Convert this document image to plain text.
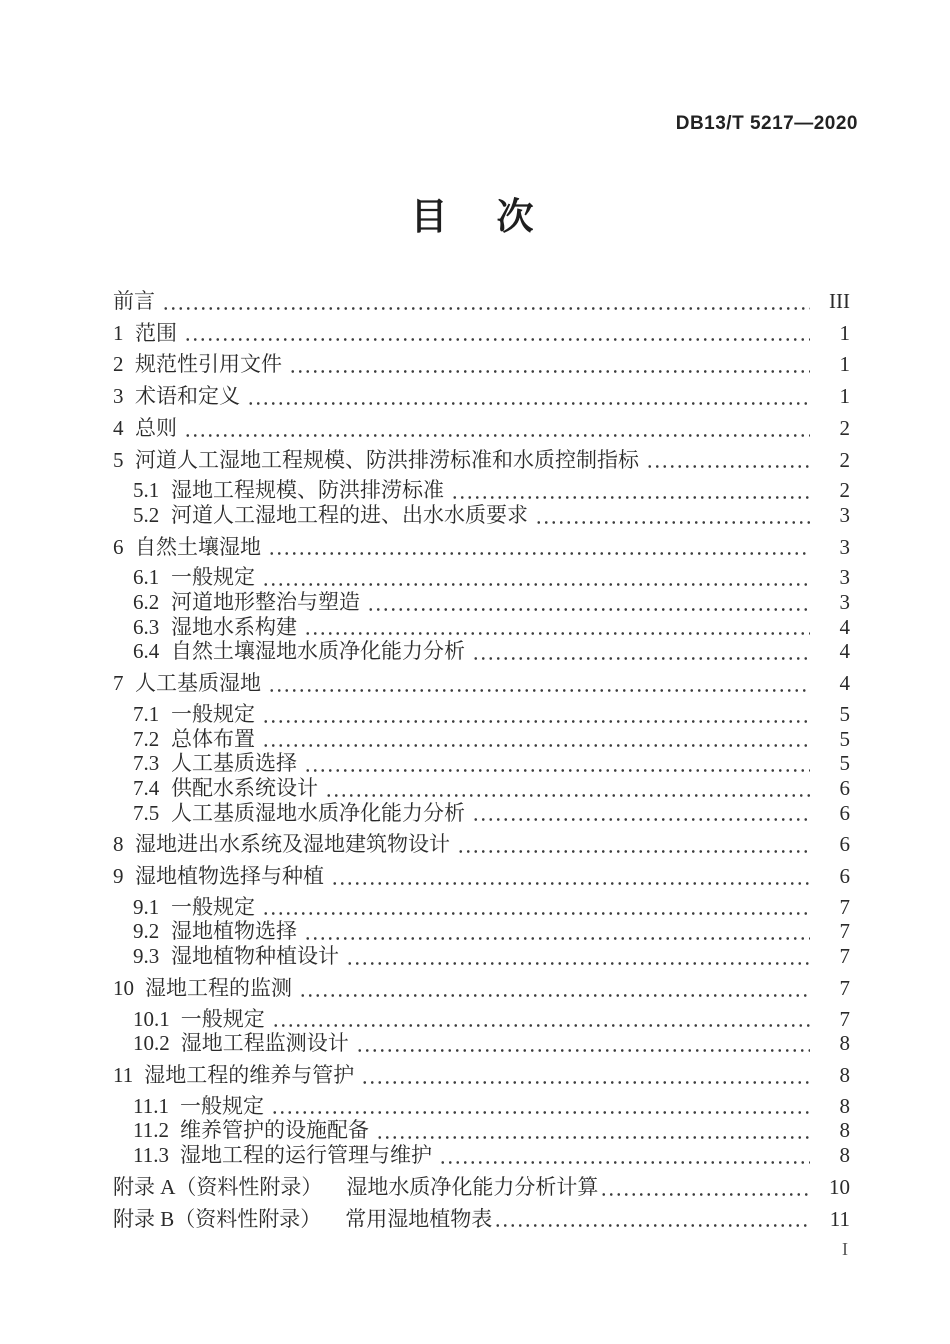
DB13/T 5217—2020
目　次
前言	III
1 范围	1
2 规范性引用文件	1
3 术语和定义	1
4 总则	2
5 河道人工湿地工程规模、防洪排涝标准和水质控制指标	2
5.1 湿地工程规模、防洪排涝标准	2
5.2 河道人工湿地工程的进、出水水质要求	3
6 自然土壤湿地	3
6.1 一般规定	3
6.2 河道地形整治与塑造	3
6.3 湿地水系构建	4
6.4 自然土壤湿地水质净化能力分析	4
7 人工基质湿地	4
7.1 一般规定	5
7.2 总体布置	5
7.3 人工基质选择	5
7.4 供配水系统设计	6
7.5 人工基质湿地水质净化能力分析	6
8 湿地进出水系统及湿地建筑物设计	6
9 湿地植物选择与种植	6
9.1 一般规定	7
9.2 湿地植物选择	7
9.3 湿地植物种植设计	7
10 湿地工程的监测	7
10.1 一般规定	7
10.2 湿地工程监测设计	8
11 湿地工程的维养与管护	8
11.1 一般规定	8
11.2 维养管护的设施配备	8
11.3 湿地工程的运行管理与维护	8
附录 A（资料性附录） 湿地水质净化能力分析计算	10
附录 B（资料性附录） 常用湿地植物表	11
I
